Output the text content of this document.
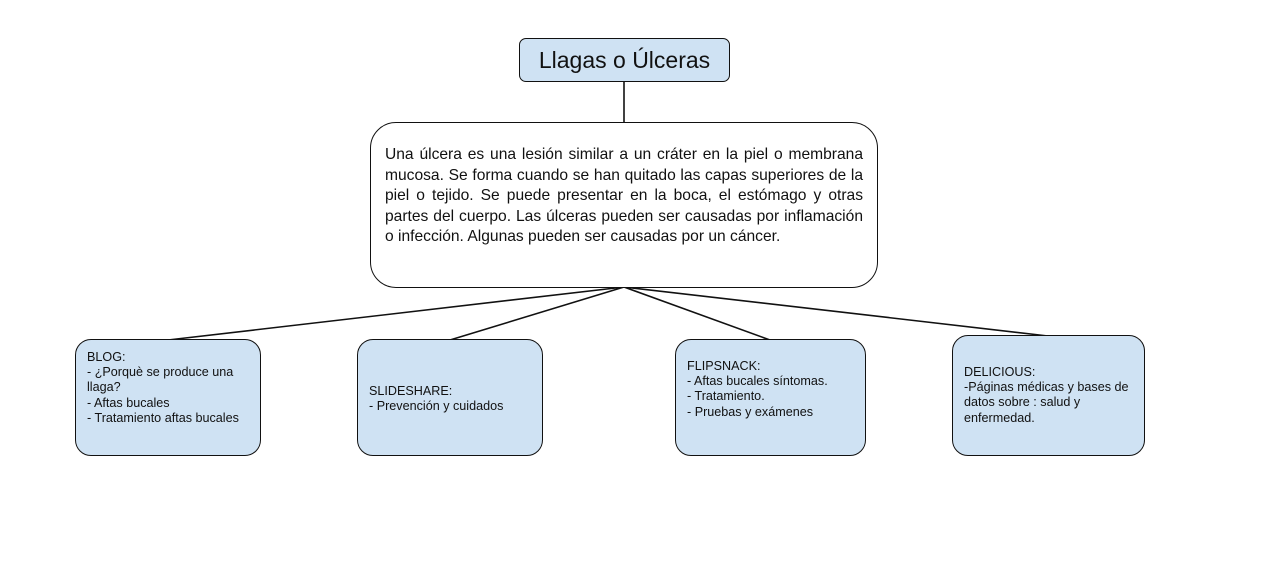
Llagas o Úlceras
Una úlcera es una lesión similar a un cráter en la piel o membrana mucosa. Se forma cuando se han quitado las capas superiores de la piel o tejido. Se puede presentar en la boca, el estómago y otras partes del cuerpo. Las úlceras pueden ser causadas por inflamación o infección. Algunas pueden ser causadas por un cáncer.
BLOG:
- ¿Porquè se produce una llaga?
- Aftas bucales
- Tratamiento aftas bucales
SLIDESHARE:
- Prevención y cuidados
FLIPSNACK:
- Aftas bucales síntomas.
- Tratamiento.
- Pruebas y exámenes
DELICIOUS:
-Páginas médicas y bases de datos sobre : salud y enfermedad.
